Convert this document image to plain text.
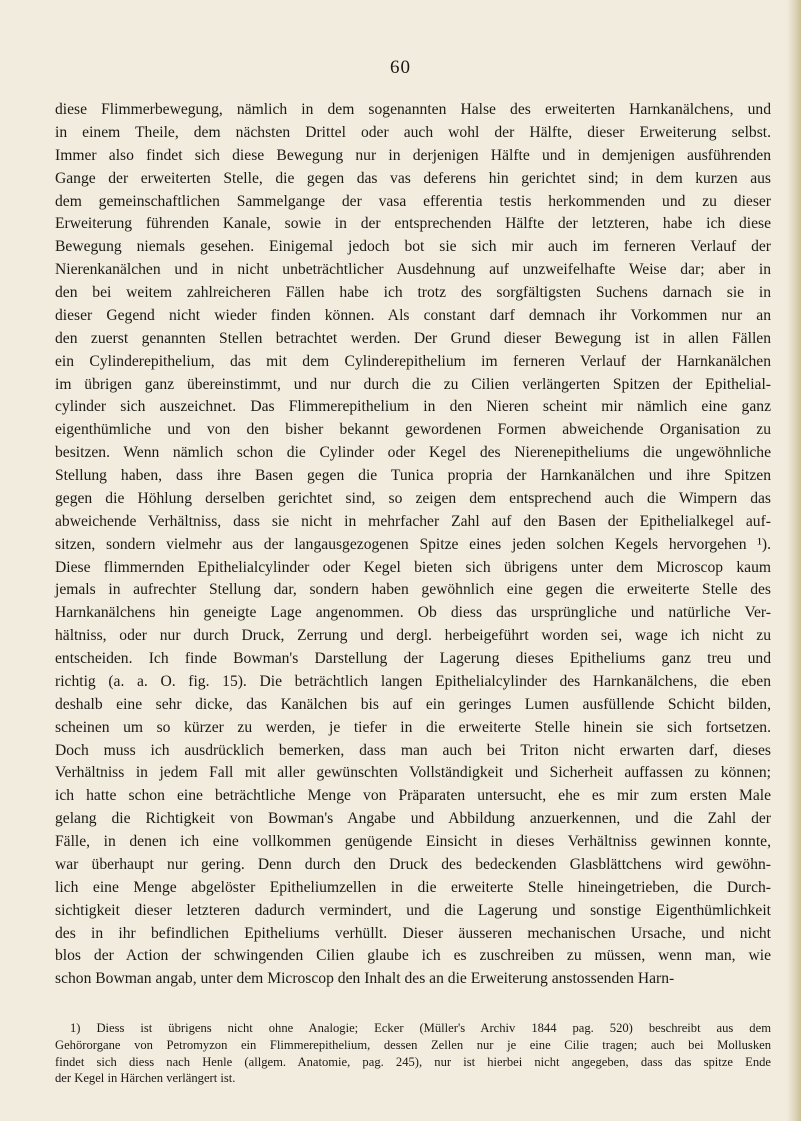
60
diese Flimmerbewegung, nämlich in dem sogenannten Halse des erweiterten Harnkanälchens, und
in einem Theile, dem nächsten Drittel oder auch wohl der Hälfte, dieser Erweiterung selbst.
Immer also findet sich diese Bewegung nur in derjenigen Hälfte und in demjenigen ausführenden
Gange der erweiterten Stelle, die gegen das vas deferens hin gerichtet sind; in dem kurzen aus
dem gemeinschaftlichen Sammelgange der vasa efferentia testis herkommenden und zu dieser
Erweiterung führenden Kanale, sowie in der entsprechenden Hälfte der letzteren, habe ich diese
Bewegung niemals gesehen. Einigemal jedoch bot sie sich mir auch im ferneren Verlauf der
Nierenkanälchen und in nicht unbeträchtlicher Ausdehnung auf unzweifelhafte Weise dar; aber in
den bei weitem zahlreicheren Fällen habe ich trotz des sorgfältigsten Suchens darnach sie in
dieser Gegend nicht wieder finden können. Als constant darf demnach ihr Vorkommen nur an
den zuerst genannten Stellen betrachtet werden. Der Grund dieser Bewegung ist in allen Fällen
ein Cylinderepithelium, das mit dem Cylinderepithelium im ferneren Verlauf der Harnkanälchen
im übrigen ganz übereinstimmt, und nur durch die zu Cilien verlängerten Spitzen der Epithelial-
cylinder sich auszeichnet. Das Flimmerepithelium in den Nieren scheint mir nämlich eine ganz
eigenthümliche und von den bisher bekannt gewordenen Formen abweichende Organisation zu
besitzen. Wenn nämlich schon die Cylinder oder Kegel des Nierenepitheliums die ungewöhnliche
Stellung haben, dass ihre Basen gegen die Tunica propria der Harnkanälchen und ihre Spitzen
gegen die Höhlung derselben gerichtet sind, so zeigen dem entsprechend auch die Wimpern das
abweichende Verhältniss, dass sie nicht in mehrfacher Zahl auf den Basen der Epithelialkegel auf-
sitzen, sondern vielmehr aus der langausgezogenen Spitze eines jeden solchen Kegels hervorgehen ¹).
Diese flimmernden Epithelialcylinder oder Kegel bieten sich übrigens unter dem Microscop kaum
jemals in aufrechter Stellung dar, sondern haben gewöhnlich eine gegen die erweiterte Stelle des
Harnkanälchens hin geneigte Lage angenommen. Ob diess das ursprüngliche und natürliche Ver-
hältniss, oder nur durch Druck, Zerrung und dergl. herbeigeführt worden sei, wage ich nicht zu
entscheiden. Ich finde Bowman's Darstellung der Lagerung dieses Epitheliums ganz treu und
richtig (a. a. O. fig. 15). Die beträchtlich langen Epithelialcylinder des Harnkanälchens, die eben
deshalb eine sehr dicke, das Kanälchen bis auf ein geringes Lumen ausfüllende Schicht bilden,
scheinen um so kürzer zu werden, je tiefer in die erweiterte Stelle hinein sie sich fortsetzen.
Doch muss ich ausdrücklich bemerken, dass man auch bei Triton nicht erwarten darf, dieses
Verhältniss in jedem Fall mit aller gewünschten Vollständigkeit und Sicherheit auffassen zu können;
ich hatte schon eine beträchtliche Menge von Präparaten untersucht, ehe es mir zum ersten Male
gelang die Richtigkeit von Bowman's Angabe und Abbildung anzuerkennen, und die Zahl der
Fälle, in denen ich eine vollkommen genügende Einsicht in dieses Verhältniss gewinnen konnte,
war überhaupt nur gering. Denn durch den Druck des bedeckenden Glasblättchens wird gewöhn-
lich eine Menge abgelöster Epitheliumzellen in die erweiterte Stelle hineingetrieben, die Durch-
sichtigkeit dieser letzteren dadurch vermindert, und die Lagerung und sonstige Eigenthümlichkeit
des in ihr befindlichen Epitheliums verhüllt. Dieser äusseren mechanischen Ursache, und nicht
blos der Action der schwingenden Cilien glaube ich es zuschreiben zu müssen, wenn man, wie
schon Bowman angab, unter dem Microscop den Inhalt des an die Erweiterung anstossenden Harn-
1) Diess ist übrigens nicht ohne Analogie; Ecker (Müller's Archiv 1844 pag. 520) beschreibt aus dem
Gehörorgane von Petromyzon ein Flimmerepithelium, dessen Zellen nur je eine Cilie tragen; auch bei Mollusken
findet sich diess nach Henle (allgem. Anatomie, pag. 245), nur ist hierbei nicht angegeben, dass das spitze Ende
der Kegel in Härchen verlängert ist.
